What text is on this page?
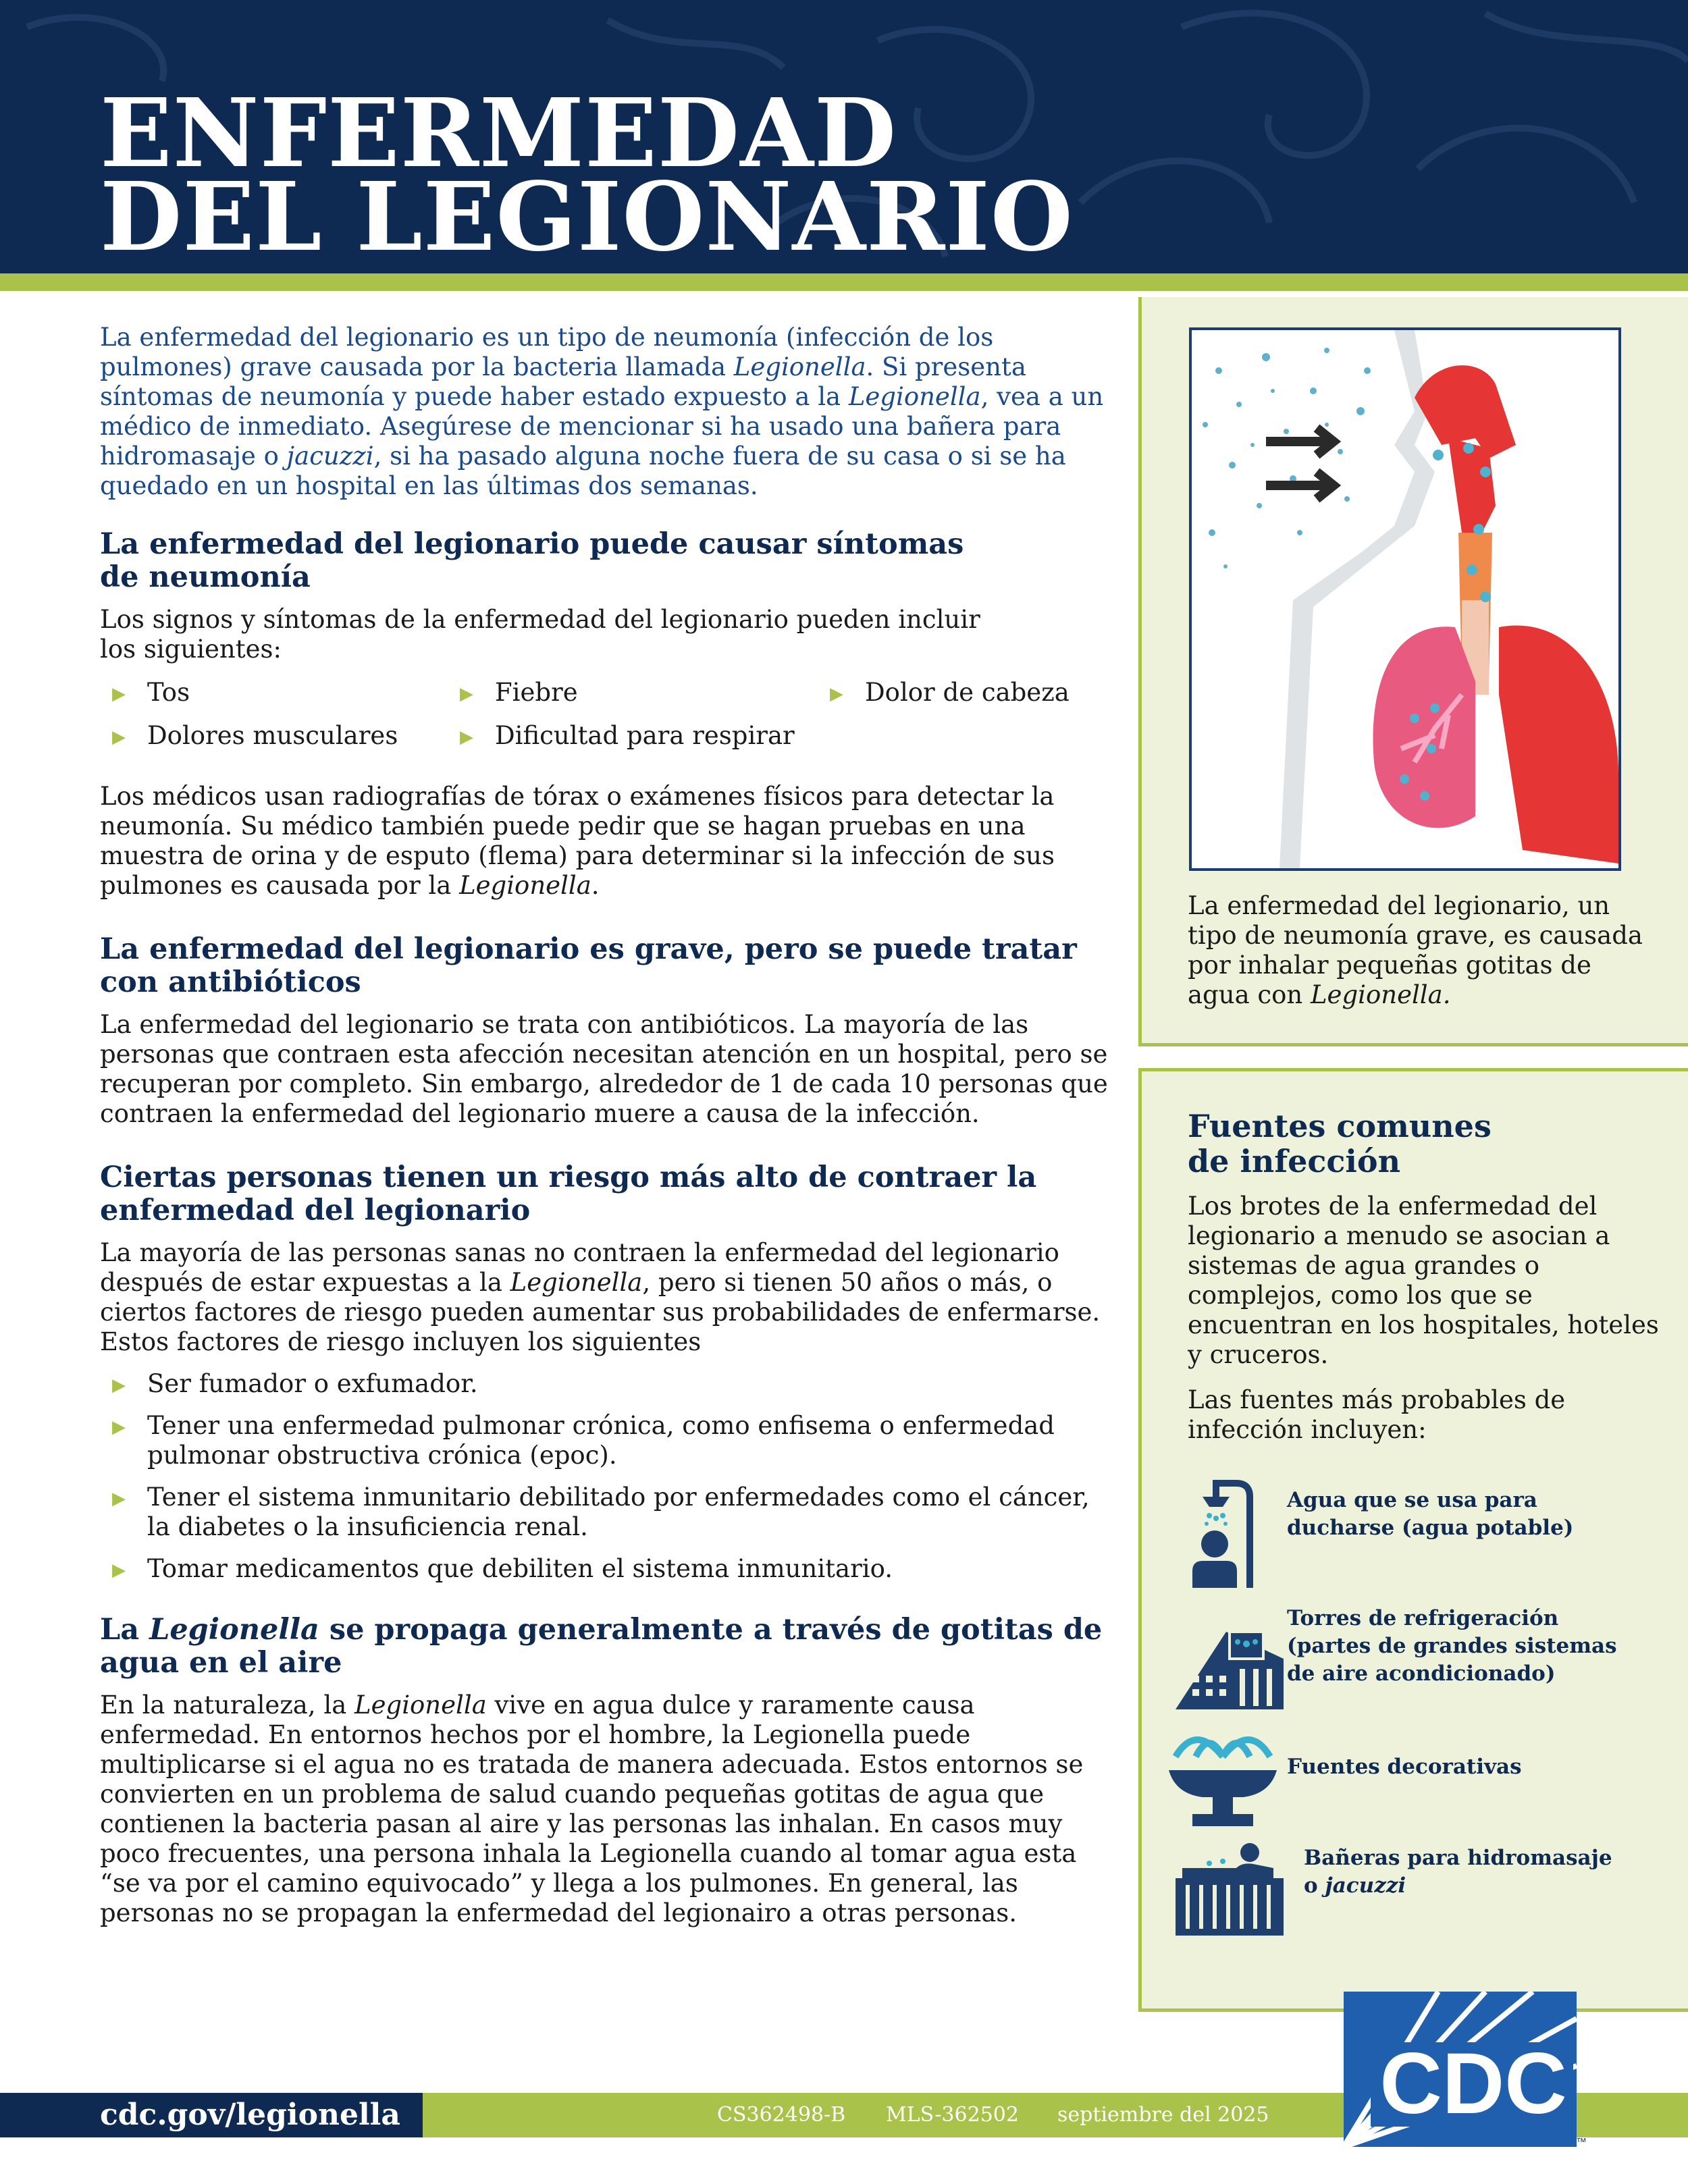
ENFERMEDAD
DEL LEGIONARIO

La enfermedad del legionario es un tipo de neumonía (infección de los pulmones) grave causada por la bacteria llamada Legionella. Si presenta síntomas de neumonía y puede haber estado expuesto a la Legionella, vea a un médico de inmediato. Asegúrese de mencionar si ha usado una bañera para hidromasaje o jacuzzi, si ha pasado alguna noche fuera de su casa o si se ha quedado en un hospital en las últimas dos semanas.

La enfermedad del legionario puede causar síntomas
de neumonía

Los signos y síntomas de la enfermedad del legionario pueden incluir
los siguientes:

▶ Tos	▶ Fiebre	▶ Dolor de cabeza
▶ Dolores musculares	▶ Dificultad para respirar

Los médicos usan radiografías de tórax o exámenes físicos para detectar la neumonía. Su médico también puede pedir que se hagan pruebas en una muestra de orina y de esputo (flema) para determinar si la infección de sus pulmones es causada por la Legionella.

La enfermedad del legionario es grave, pero se puede tratar
con antibióticos

La enfermedad del legionario se trata con antibióticos. La mayoría de las personas que contraen esta afección necesitan atención en un hospital, pero se recuperan por completo. Sin embargo, alrededor de 1 de cada 10 personas que contraen la enfermedad del legionario muere a causa de la infección.

Ciertas personas tienen un riesgo más alto de contraer la
enfermedad del legionario

La mayoría de las personas sanas no contraen la enfermedad del legionario después de estar expuestas a la Legionella, pero si tienen 50 años o más, o ciertos factores de riesgo pueden aumentar sus probabilidades de enfermarse. Estos factores de riesgo incluyen los siguientes

▶ Ser fumador o exfumador.
▶ Tener una enfermedad pulmonar crónica, como enfisema o enfermedad pulmonar obstructiva crónica (epoc).
▶ Tener el sistema inmunitario debilitado por enfermedades como el cáncer, la diabetes o la insuficiencia renal.
▶ Tomar medicamentos que debiliten el sistema inmunitario.
La Legionella se propaga generalmente a través de gotitas de
agua en el aire

En la naturaleza, la Legionella vive en agua dulce y raramente causa enfermedad. En entornos hechos por el hombre, la Legionella puede multiplicarse si el agua no es tratada de manera adecuada. Estos entornos se convierten en un problema de salud cuando pequeñas gotitas de agua que contienen la bacteria pasan al aire y las personas las inhalan. En casos muy poco frecuentes, una persona inhala la Legionella cuando al tomar agua esta “se va por el camino equivocado” y llega a los pulmones. En general, las personas no se propagan la enfermedad del legionairo a otras personas.

La enfermedad del legionario, un tipo de neumonía grave, es causada por inhalar pequeñas gotitas de agua con Legionella.

Fuentes comunes
de infección

Los brotes de la enfermedad del legionario a menudo se asocian a sistemas de agua grandes o complejos, como los que se encuentran en los hospitales, hoteles y cruceros.

Las fuentes más probables de infección incluyen:

Agua que se usa para
ducharse (agua potable)
Torres de refrigeración
(partes de grandes sistemas
de aire acondicionado)
Fuentes decorativas
Bañeras para hidromasaje
o jacuzzi
cdc.gov/legionella	CS362498-B MLS-362502 septiembre del 2025 CDC
™
